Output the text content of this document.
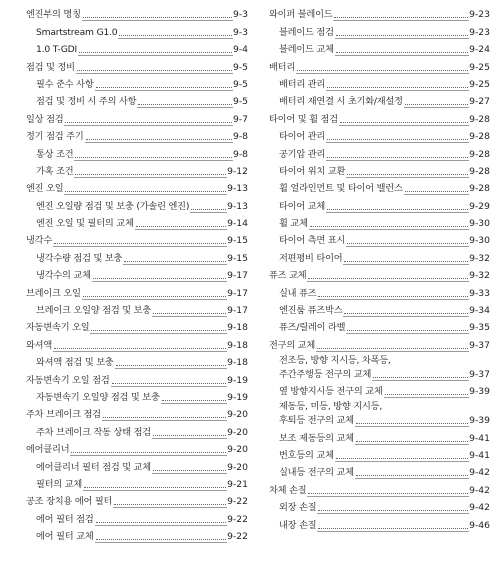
엔진부의 명칭	9-3
Smartstream G1.0	9-3
1.0 T-GDI	9-4
점검 및 정비	9-5
필수 준수 사항	9-5
점검 및 정비 시 주의 사항	9-5
일상 점검	9-7
정기 점검 주기	9-8
통상 조건	9-8
가혹 조건	9-12
엔진 오일	9-13
엔진 오일량 점검 및 보충 (가솔린 엔진)	9-13
엔진 오일 및 필터의 교체	9-14
냉각수	9-15
냉각수량 점검 및 보충	9-15
냉각수의 교체	9-17
브레이크 오일	9-17
브레이크 오일양 점검 및 보충	9-17
자동변속기 오일	9-18
와셔액	9-18
와셔액 점검 및 보충	9-18
자동변속기 오일 점검	9-19
자동변속기 오일양 점검 및 보충	9-19
주차 브레이크 점검	9-20
주차 브레이크 작동 상태 점검	9-20
에어클리너	9-20
에어클리너 필터 점검 및 교체	9-20
필터의 교체	9-21
공조 장치용 에어 필터	9-22
에어 필터 점검	9-22
에어 필터 교체	9-22
와이퍼 블레이드	9-23
블레이드 점검	9-23
블레이드 교체	9-24
배터리	9-25
배터리 관리	9-25
배터리 재연결 시 초기화/재설정	9-27
타이어 및 휠 점검	9-28
타이어 관리	9-28
공기압 관리	9-28
타이어 위치 교환	9-28
휠 얼라인먼트 및 타이어 밸런스	9-28
타이어 교체	9-29
휠 교체	9-30
타이어 측면 표시	9-30
저편평비 타이어	9-32
퓨즈 교체	9-32
실내 퓨즈	9-33
엔진룸 퓨즈박스	9-34
퓨즈/릴레이 라벨	9-35
전구의 교체	9-37
전조등, 방향 지시등, 차폭등,
주간주행등 전구의 교체	9-37
옆 방향지시등 전구의 교체	9-39
제동등, 미등, 방향 지시등,
후퇴등 전구의 교체	9-39
보조 제동등의 교체	9-41
번호등의 교체	9-41
실내등 전구의 교체	9-42
차체 손질	9-42
외장 손질	9-42
내장 손질	9-46
